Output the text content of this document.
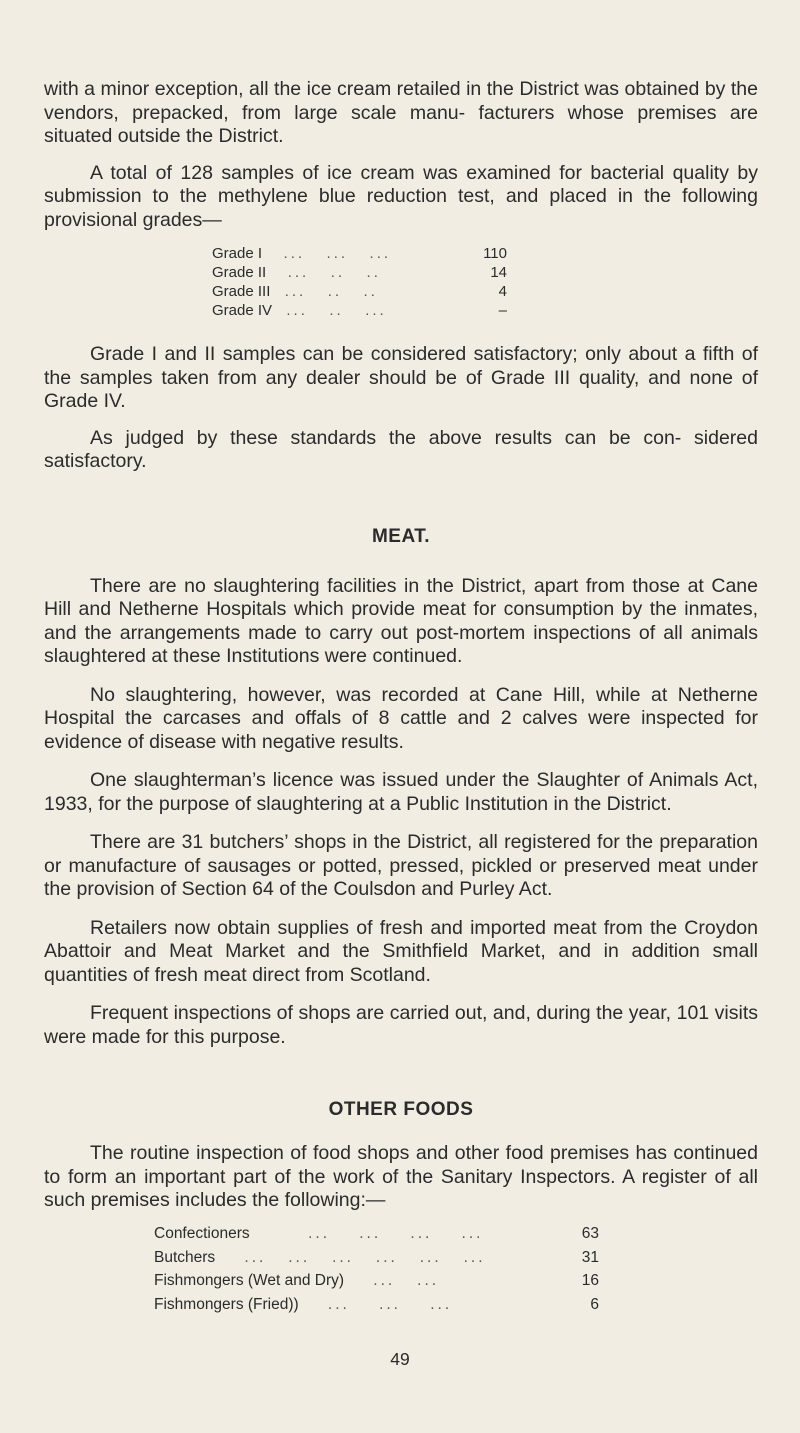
with a minor exception, all the ice cream retailed in the District was obtained by the vendors, prepacked, from large scale manu- facturers whose premises are situated outside the District.

A total of 128 samples of ice cream was examined for bacterial quality by submission to the methylene blue reduction test, and placed in the following provisional grades—

Grade I   ...   ...   ...	110
Grade II   ...   ..   ..	14
Grade III  ...   ..   ..	4
Grade IV  ...   ..   ...	–

Grade I and II samples can be considered satisfactory; only about a fifth of the samples taken from any dealer should be of Grade III quality, and none of Grade IV.

As judged by these standards the above results can be con- sidered satisfactory.

MEAT.

There are no slaughtering facilities in the District, apart from those at Cane Hill and Netherne Hospitals which provide meat for consumption by the inmates, and the arrangements made to carry out post-mortem inspections of all animals slaughtered at these Institutions were continued.

No slaughtering, however, was recorded at Cane Hill, while at Netherne Hospital the carcases and offals of 8 cattle and 2 calves were inspected for evidence of disease with negative results.

One slaughterman’s licence was issued under the Slaughter of Animals Act, 1933, for the purpose of slaughtering at a Public Institution in the District.

There are 31 butchers’ shops in the District, all registered for the preparation or manufacture of sausages or potted, pressed, pickled or preserved meat under the provision of Section 64 of the Coulsdon and Purley Act.

Retailers now obtain supplies of fresh and imported meat from the Croydon Abattoir and Meat Market and the Smithfield Market, and in addition small quantities of fresh meat direct from Scotland.

Frequent inspections of shops are carried out, and, during the year, 101 visits were made for this purpose.

OTHER FOODS

The routine inspection of food shops and other food premises has continued to form an important part of the work of the Sanitary Inspectors. A register of all such premises includes the following:—

Confectioners        ...    ...    ...    ...	63
Butchers    ...   ...   ...   ...   ...   ...	31
Fishmongers (Wet and Dry)    ...   ...	16
Fishmongers (Fried))    ...    ...    ...	6
49
